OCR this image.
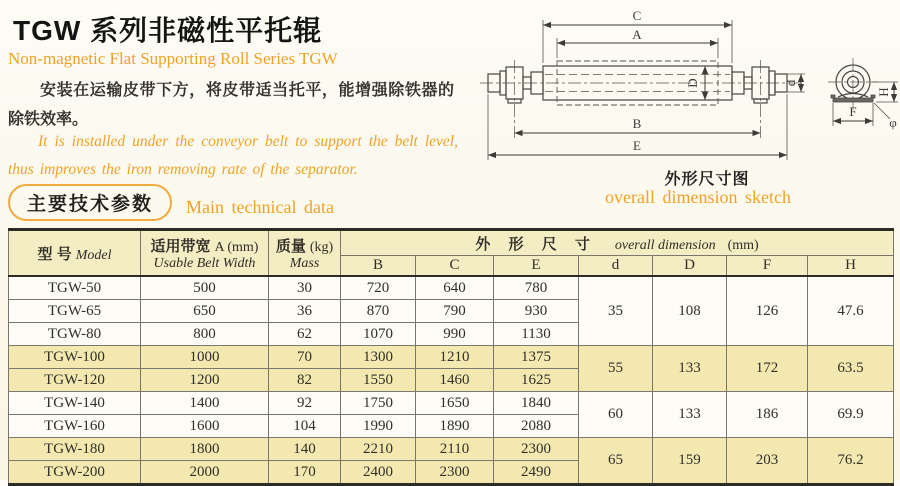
TGW 系列非磁性平托辊
Non-magnetic Flat Supporting Roll Series TGW
安装在运输皮带下方，将皮带适当托平，能增强除铁器的除铁效率。
It is installed under the conveyor belt to support the belt level, thus improves the iron removing rate of the separator.
主要技术参数	Main technical data
C
A
D	d
B
E
F
H
φ
外形尺寸图
overall dimension sketch
型 号 Model	
适用带宽 A (mm)
Usable Belt Width

质量 (kg)
Mass
	外 形 尺 寸 overall dimension (mm)
			B	C	E	d	D	F	H
TGW-50	500	30	720	640	780	35	108	126	47.6
TGW-65	650	36	870	790	930				
TGW-80	800	62	1070	990	1130				
TGW-100	1000	70	1300	1210	1375	55	133	172	63.5
TGW-120	1200	82	1550	1460	1625				
TGW-140	1400	92	1750	1650	1840	60	133	186	69.9
TGW-160	1600	104	1990	1890	2080				
TGW-180	1800	140	2210	2110	2300	65	159	203	76.2
TGW-200	2000	170	2400	2300	2490				
